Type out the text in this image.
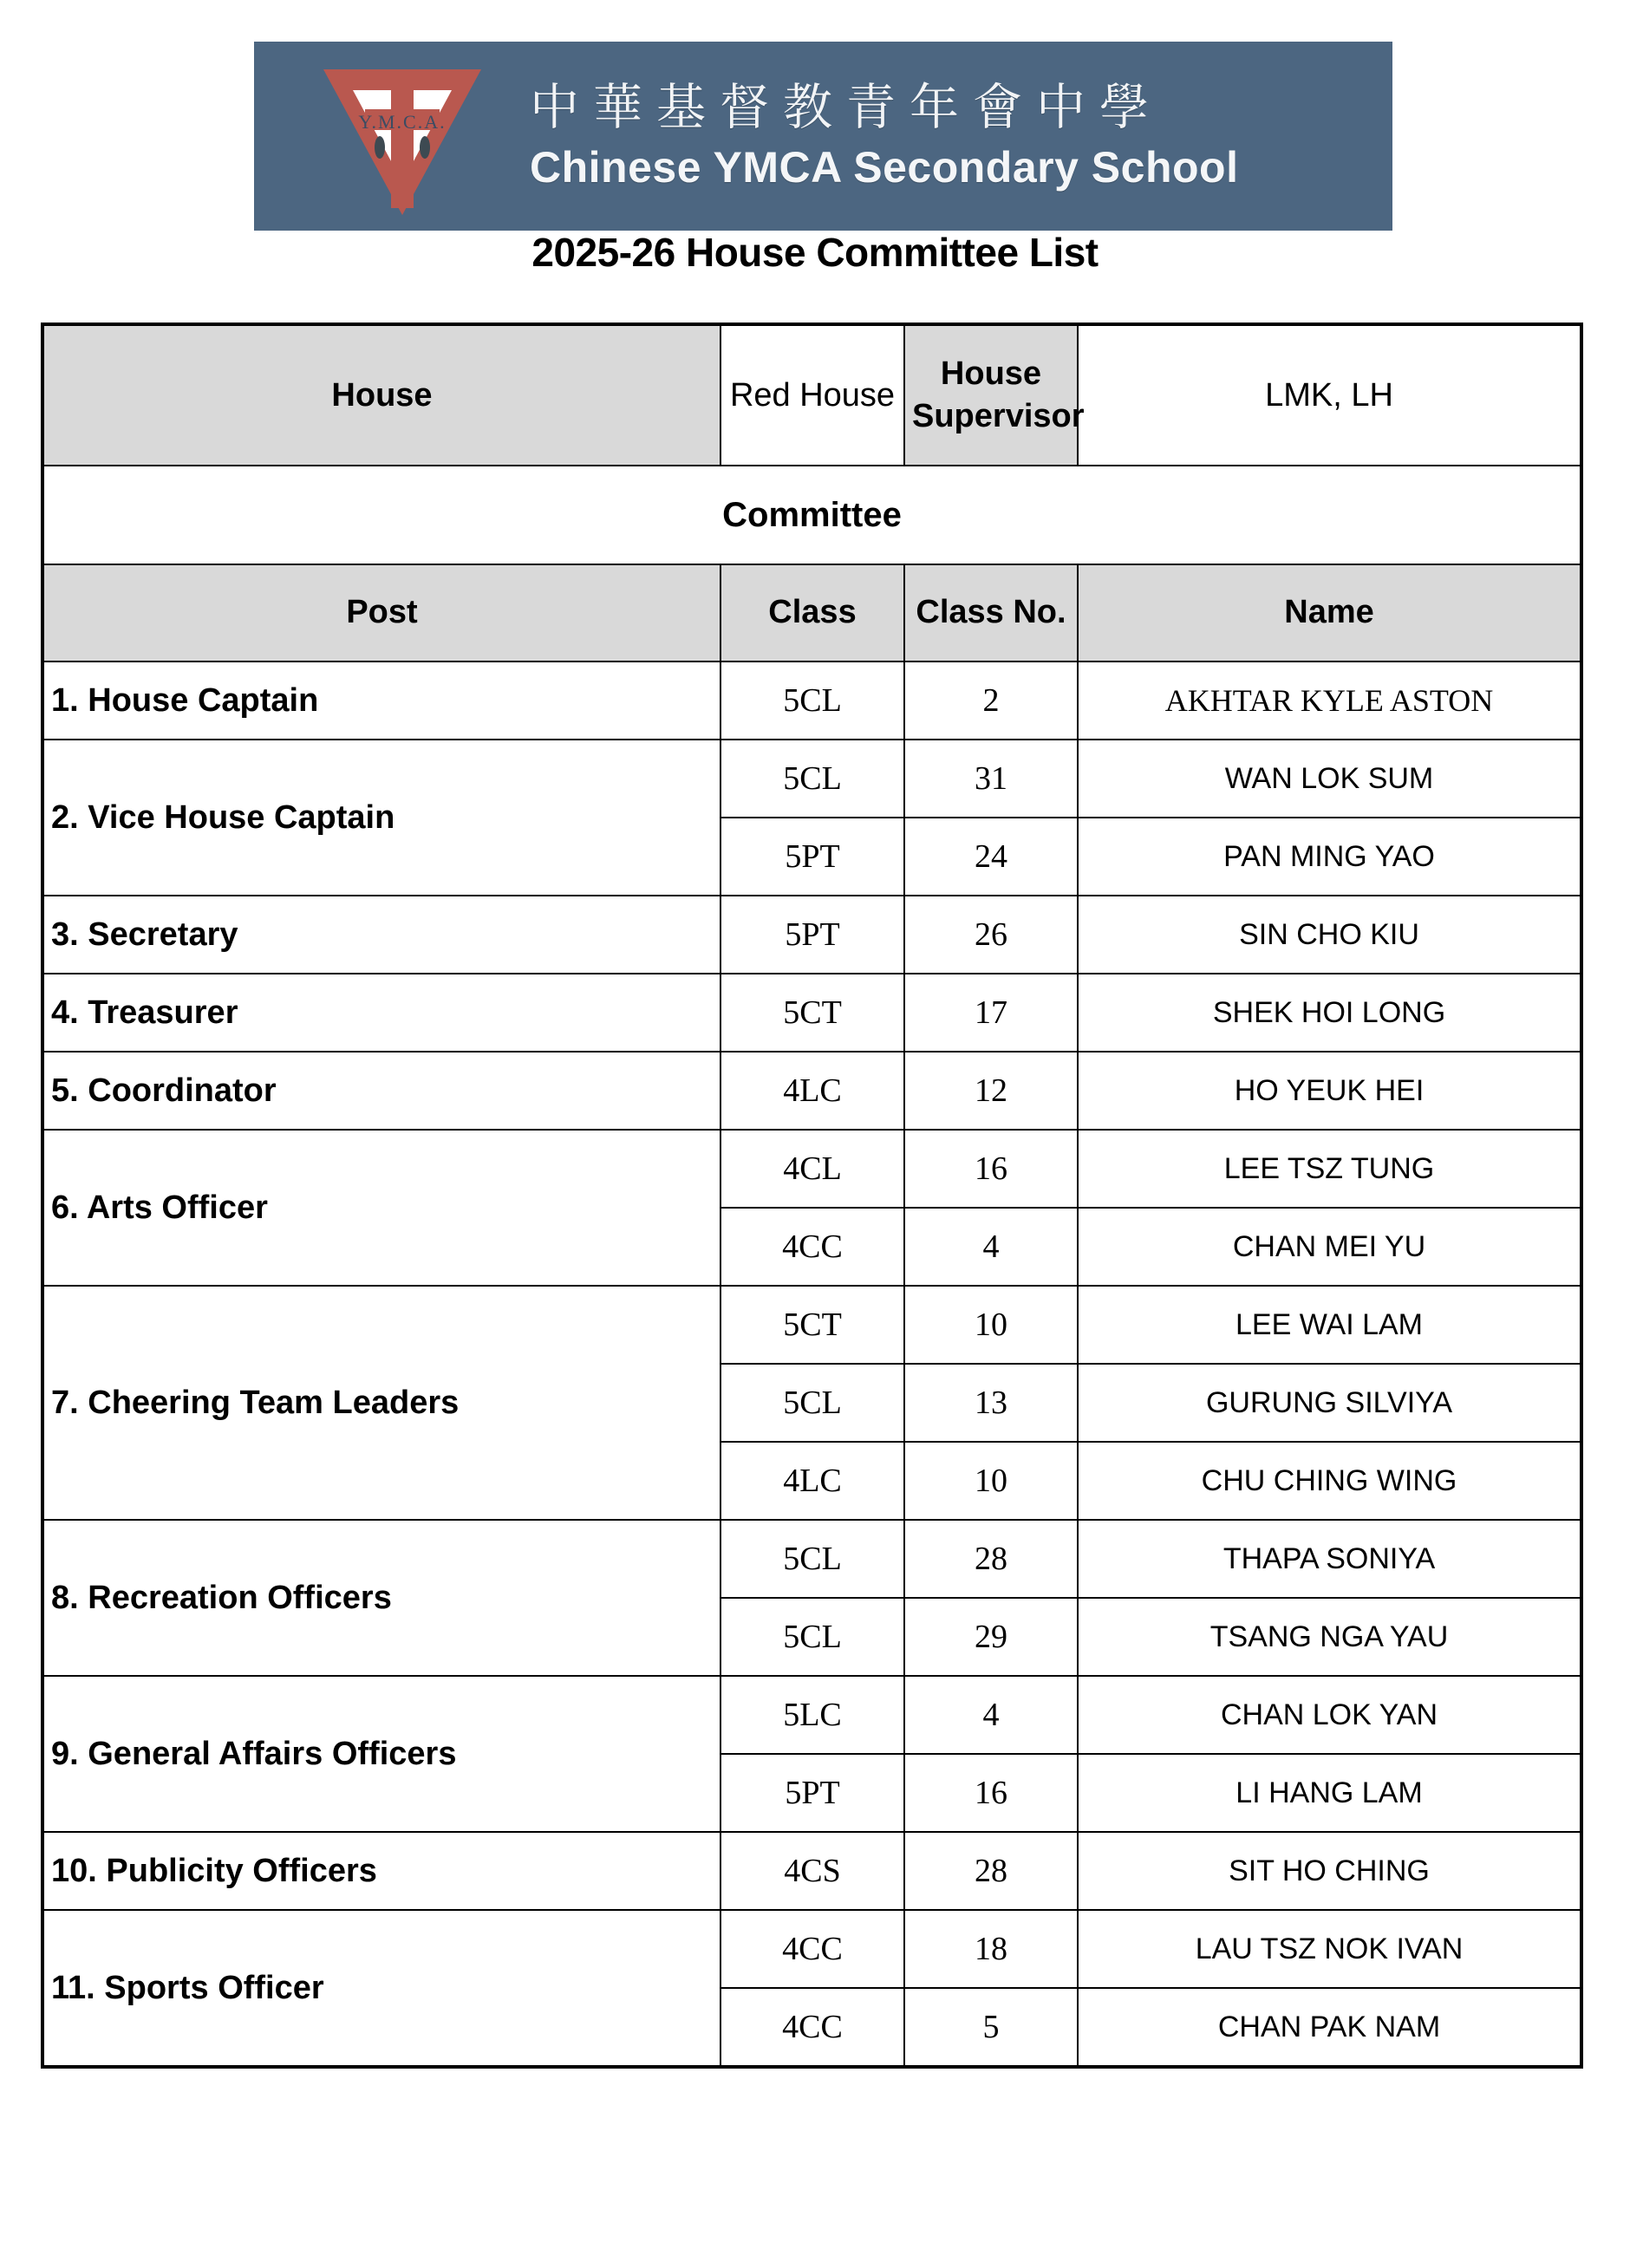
Y.M.​C.A. 中華基督教青年會中學
Chinese YMCA Secondary School
2025-26 House Committee List
House	Red House	House Supervisor	LMK, LH
Committee			
Post	Class	Class No.	Name
1. House Captain	5CL	2	AKHTAR KYLE ASTON
2. Vice House Captain	5CL	31	WAN LOK SUM
	5PT	24	PAN MING YAO
3. Secretary	5PT	26	SIN CHO KIU
4. Treasurer	5CT	17	SHEK HOI LONG
5. Coordinator	4LC	12	HO YEUK HEI
6. Arts Officer	4CL	16	LEE TSZ TUNG
	4CC	4	CHAN MEI YU
7. Cheering Team Leaders	5CT	10	LEE WAI LAM
	5CL	13	GURUNG SILVIYA
	4LC	10	CHU CHING WING
8. Recreation Officers	5CL	28	THAPA SONIYA
	5CL	29	TSANG NGA YAU
9. General Affairs Officers	5LC	4	CHAN LOK YAN
	5PT	16	LI HANG LAM
10. Publicity Officers	4CS	28	SIT HO CHING
11. Sports Officer	4CC	18	LAU TSZ NOK IVAN
	4CC	5	CHAN PAK NAM
